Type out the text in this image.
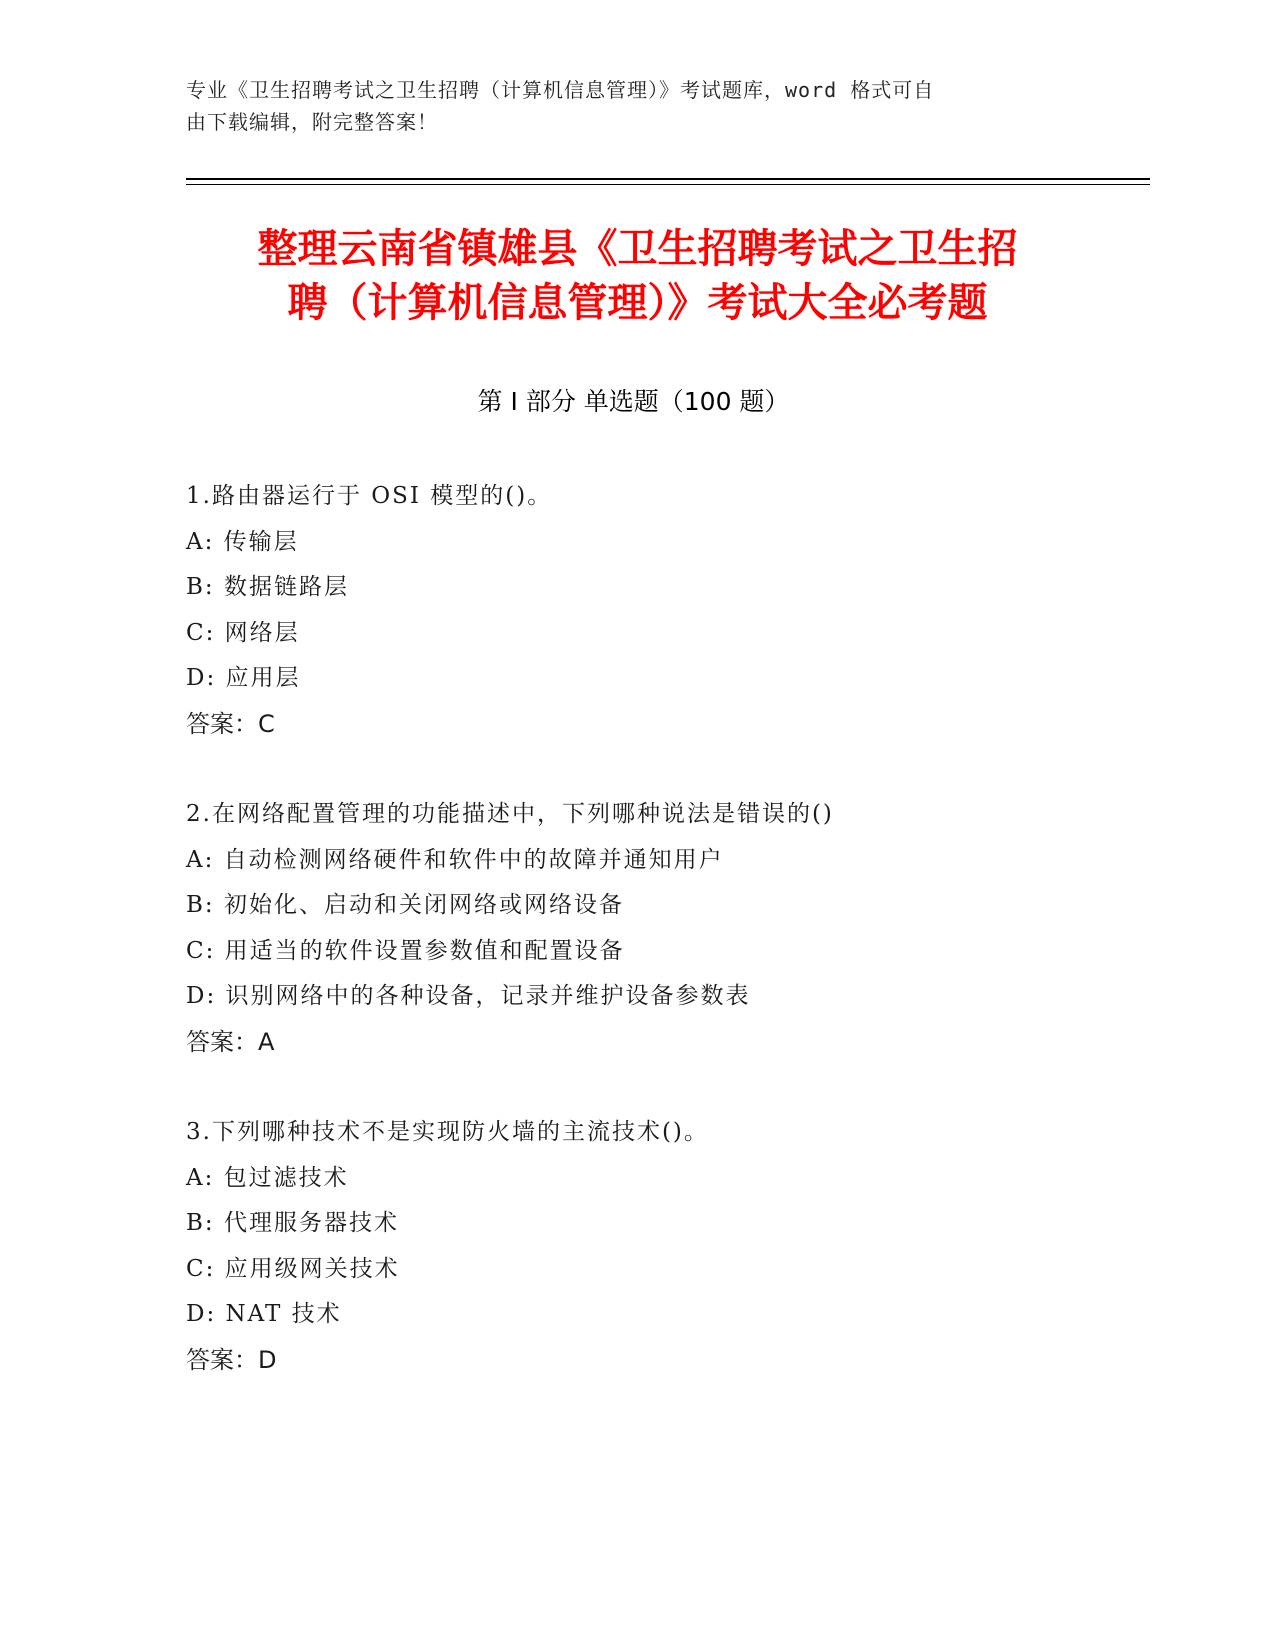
专业《卫生招聘考试之卫生招聘（计算机信息管理）》考试题库，word 格式可自
由下载编辑，附完整答案！
整理云南省镇雄县《卫生招聘考试之卫生招
聘（计算机信息管理）》考试大全必考题
第 I 部分 单选题（100 题）
1.路由器运行于 OSI 模型的()。
A: 传输层
B: 数据链路层
C: 网络层
D: 应用层
答案：C
2.在网络配置管理的功能描述中，下列哪种说法是错误的()
A: 自动检测网络硬件和软件中的故障并通知用户
B: 初始化、启动和关闭网络或网络设备
C: 用适当的软件设置参数值和配置设备
D: 识别网络中的各种设备，记录并维护设备参数表
答案：A
3.下列哪种技术不是实现防火墙的主流技术()。
A: 包过滤技术
B: 代理服务器技术
C: 应用级网关技术
D: NAT 技术
答案：D
